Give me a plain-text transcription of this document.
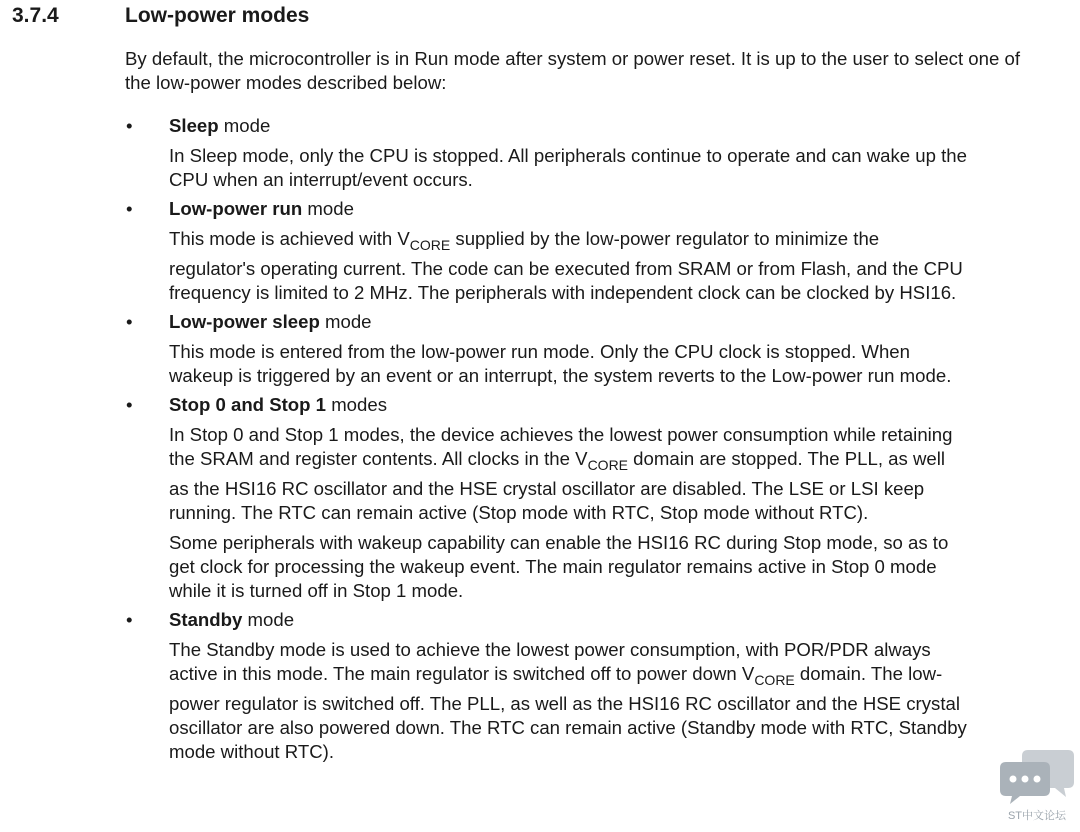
3.7.4	Low-power modes

By default, the microcontroller is in Run mode after system or power reset. It is up to the user to select one of the low-power modes described below:

• Sleep mode

In Sleep mode, only the CPU is stopped. All peripherals continue to operate and can wake up the CPU when an interrupt/event occurs.

• Low-power run mode

This mode is achieved with $V_{CORE}$ supplied by the low-power regulator to minimize the regulator's operating current. The code can be executed from SRAM or from Flash, and the CPU frequency is limited to 2 MHz. The peripherals with independent clock can be clocked by HSI16.

• Low-power sleep mode

This mode is entered from the low-power run mode. Only the CPU clock is stopped. When wakeup is triggered by an event or an interrupt, the system reverts to the Low-power run mode.

• Stop 0 and Stop 1 modes

In Stop 0 and Stop 1 modes, the device achieves the lowest power consumption while retaining the SRAM and register contents. All clocks in the $V_{CORE}$ domain are stopped. The PLL, as well as the HSI16 RC oscillator and the HSE crystal oscillator are disabled. The LSE or LSI keep running. The RTC can remain active (Stop mode with RTC, Stop mode without RTC).

Some peripherals with wakeup capability can enable the HSI16 RC during Stop mode, so as to get clock for processing the wakeup event. The main regulator remains active in Stop 0 mode while it is turned off in Stop 1 mode.

• Standby mode

The Standby mode is used to achieve the lowest power consumption, with POR/PDR always active in this mode. The main regulator is switched off to power down $V_{CORE}$ domain. The low-power regulator is switched off. The PLL, as well as the HSI16 RC oscillator and the HSE crystal oscillator are also powered down. The RTC can remain active (Standby mode with RTC, Standby mode without RTC).

ST中文论坛
